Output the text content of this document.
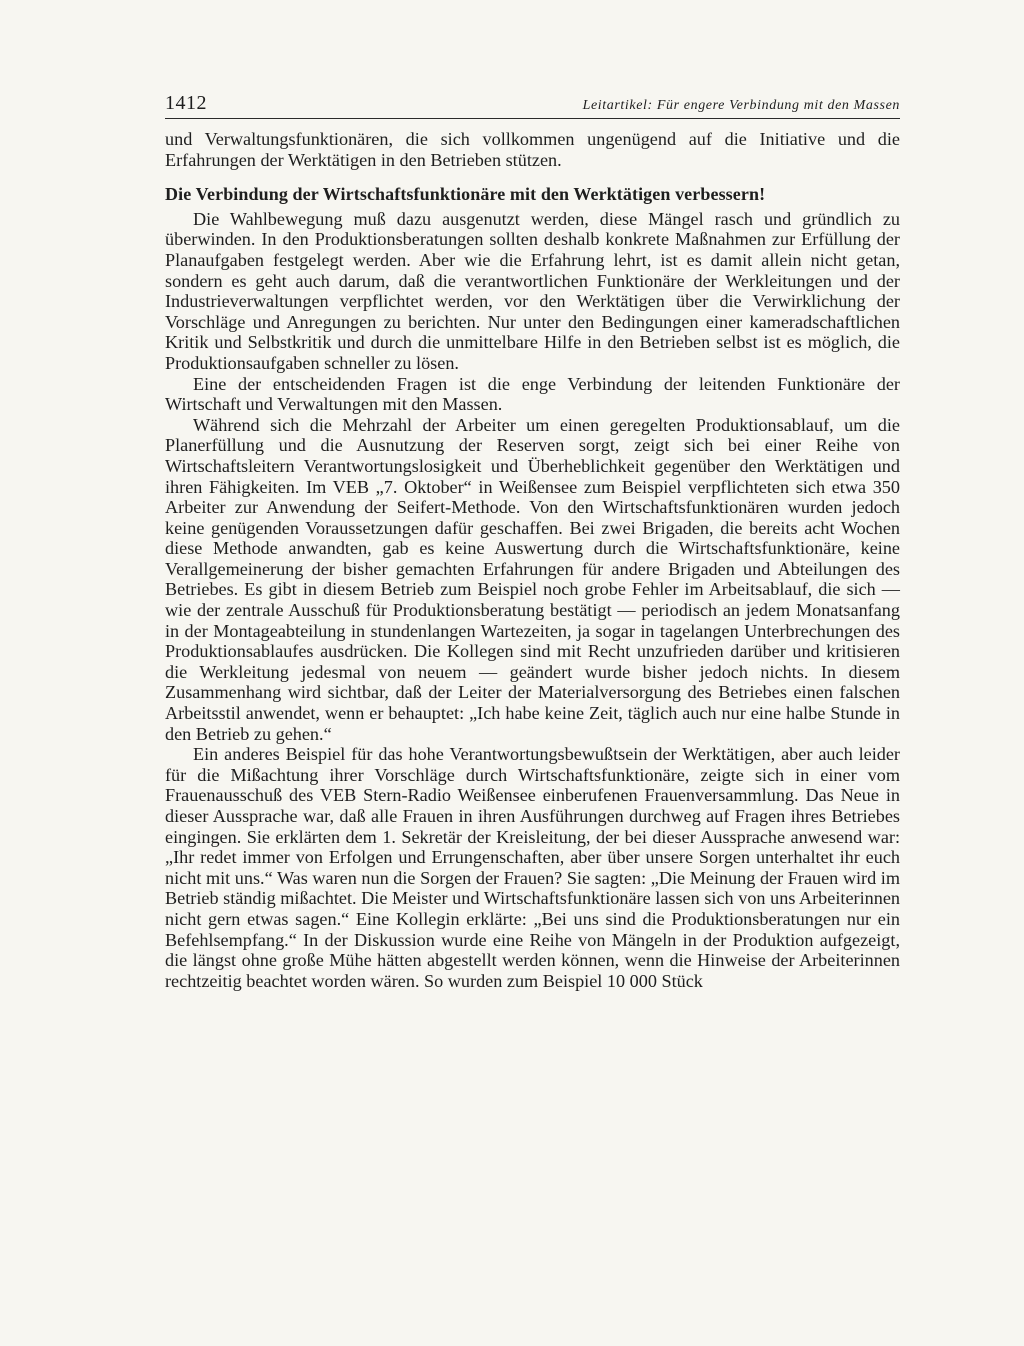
1412	Leitartikel: Für engere Verbindung mit den Massen

und Verwaltungsfunktionären, die sich vollkommen ungenügend auf die Initiative und die Erfahrungen der Werktätigen in den Betrieben stützen.

Die Verbindung der Wirtschaftsfunktionäre mit den Werktätigen verbessern!

Die Wahlbewegung muß dazu ausgenutzt werden, diese Mängel rasch und gründlich zu überwinden. In den Produktionsberatungen sollten deshalb konkrete Maßnahmen zur Erfüllung der Planaufgaben festgelegt werden. Aber wie die Erfahrung lehrt, ist es damit allein nicht getan, sondern es geht auch darum, daß die verantwortlichen Funktionäre der Werkleitungen und der Industrieverwaltungen verpflichtet werden, vor den Werktätigen über die Verwirklichung der Vorschläge und Anregungen zu berichten. Nur unter den Bedingungen einer kameradschaftlichen Kritik und Selbstkritik und durch die unmittelbare Hilfe in den Betrieben selbst ist es möglich, die Produktionsaufgaben schneller zu lösen.

Eine der entscheidenden Fragen ist die enge Verbindung der leitenden Funktionäre der Wirtschaft und Verwaltungen mit den Massen.

Während sich die Mehrzahl der Arbeiter um einen geregelten Produktionsablauf, um die Planerfüllung und die Ausnutzung der Reserven sorgt, zeigt sich bei einer Reihe von Wirtschaftsleitern Verantwortungslosigkeit und Überheblichkeit gegenüber den Werktätigen und ihren Fähigkeiten. Im VEB „7. Oktober“ in Weißensee zum Beispiel verpflichteten sich etwa 350 Arbeiter zur Anwendung der Seifert-Methode. Von den Wirtschaftsfunktionären wurden jedoch keine genügenden Voraussetzungen dafür geschaffen. Bei zwei Brigaden, die bereits acht Wochen diese Methode anwandten, gab es keine Auswertung durch die Wirtschaftsfunktionäre, keine Verallgemeinerung der bisher gemachten Erfahrungen für andere Brigaden und Abteilungen des Betriebes. Es gibt in diesem Betrieb zum Beispiel noch grobe Fehler im Arbeitsablauf, die sich — wie der zentrale Ausschuß für Produktionsberatung bestätigt — periodisch an jedem Monatsanfang in der Montageabteilung in stundenlangen Wartezeiten, ja sogar in tagelangen Unterbrechungen des Produktionsablaufes ausdrücken. Die Kollegen sind mit Recht unzufrieden darüber und kritisieren die Werkleitung jedesmal von neuem — geändert wurde bisher jedoch nichts. In diesem Zusammenhang wird sichtbar, daß der Leiter der Materialversorgung des Betriebes einen falschen Arbeitsstil anwendet, wenn er behauptet: „Ich habe keine Zeit, täglich auch nur eine halbe Stunde in den Betrieb zu gehen.“

Ein anderes Beispiel für das hohe Verantwortungsbewußtsein der Werktätigen, aber auch leider für die Mißachtung ihrer Vorschläge durch Wirtschaftsfunktionäre, zeigte sich in einer vom Frauenausschuß des VEB Stern-Radio Weißensee einberufenen Frauenversammlung. Das Neue in dieser Aussprache war, daß alle Frauen in ihren Ausführungen durchweg auf Fragen ihres Betriebes eingingen. Sie erklärten dem 1. Sekretär der Kreisleitung, der bei dieser Aussprache anwesend war: „Ihr redet immer von Erfolgen und Errungenschaften, aber über unsere Sorgen unterhaltet ihr euch nicht mit uns.“ Was waren nun die Sorgen der Frauen? Sie sagten: „Die Meinung der Frauen wird im Betrieb ständig mißachtet. Die Meister und Wirtschaftsfunktionäre lassen sich von uns Arbeiterinnen nicht gern etwas sagen.“ Eine Kollegin erklärte: „Bei uns sind die Produktionsberatungen nur ein Befehlsempfang.“ In der Diskussion wurde eine Reihe von Mängeln in der Produktion aufgezeigt, die längst ohne große Mühe hätten abgestellt werden können, wenn die Hinweise der Arbeiterinnen rechtzeitig beachtet worden wären. So wurden zum Beispiel 10 000 Stück
